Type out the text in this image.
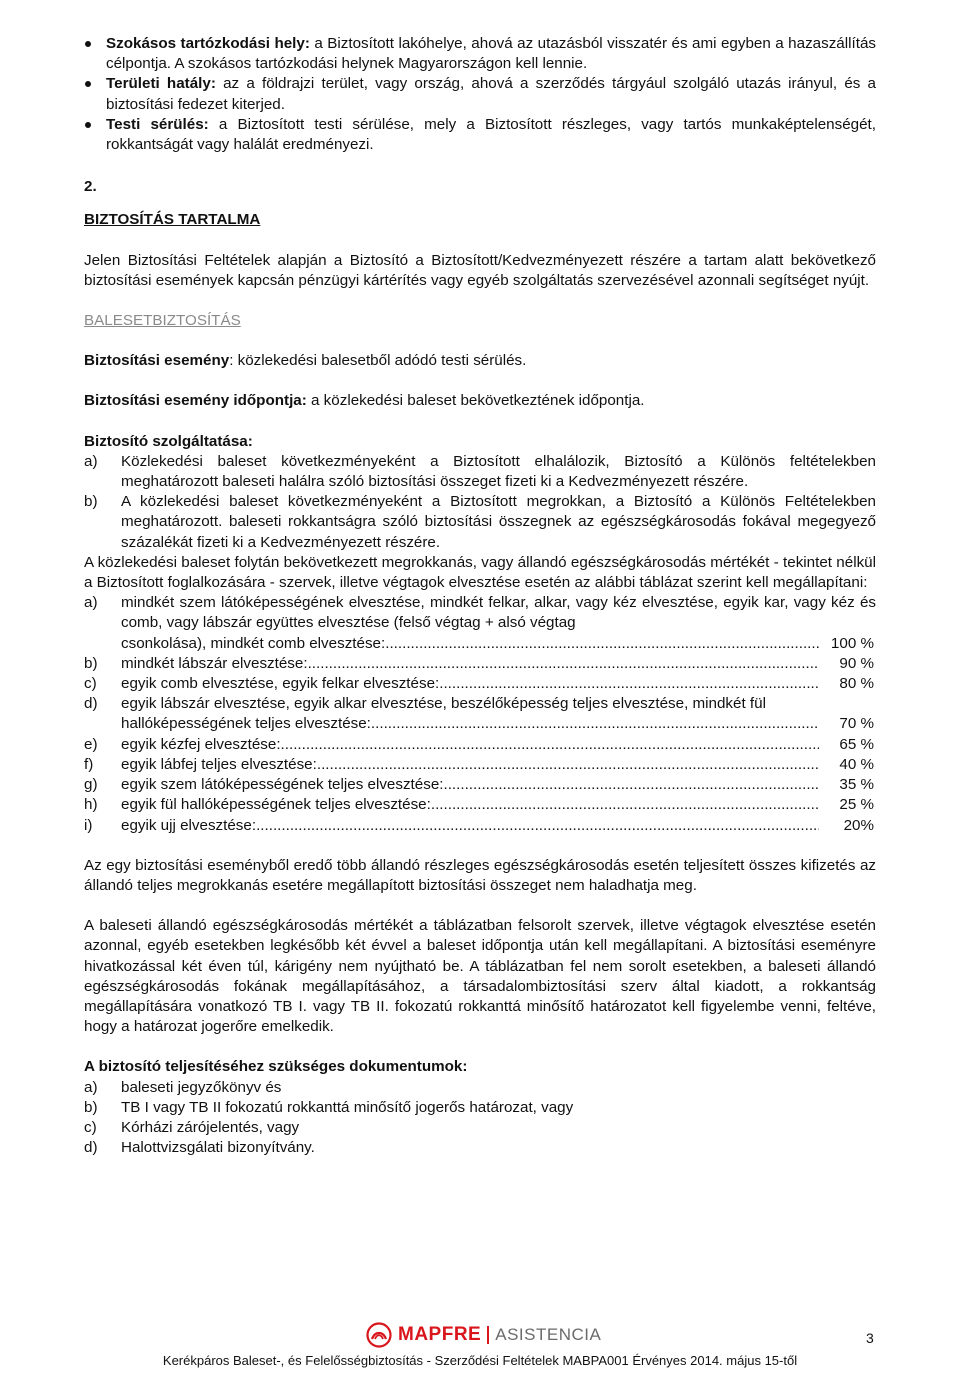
Szokásos tartózkodási hely: a Biztosított lakóhelye, ahová az utazásból visszatér és ami egyben a hazaszállítás célpontja. A szokásos tartózkodási helynek Magyarországon kell lennie.
Területi hatály: az a földrajzi terület, vagy ország, ahová a szerződés tárgyául szolgáló utazás irányul, és a biztosítási fedezet kiterjed.
Testi sérülés: a Biztosított testi sérülése, mely a Biztosított részleges, vagy tartós munkaképtelenségét, rokkantságát vagy halálát eredményezi.
2.
BIZTOSÍTÁS TARTALMA

Jelen Biztosítási Feltételek alapján a Biztosító a Biztosított/Kedvezményezett részére a tartam alatt bekövetkező biztosítási események kapcsán pénzügyi kártérítés vagy egyéb szolgáltatás szervezésével azonnali segítséget nyújt.

BALESETBIZTOSÍTÁS

Biztosítási esemény: közlekedési balesetből adódó testi sérülés.

Biztosítási esemény időpontja: a közlekedési baleset bekövetkeztének időpontja.

Biztosító szolgáltatása:
a)	Közlekedési baleset következményeként a Biztosított elhalálozik, Biztosító a Különös feltételekben meghatározott baleseti halálra szóló biztosítási összeget fizeti ki a Kedvezményezett részére.
b)	A közlekedési baleset következményeként a Biztosított megrokkan, a Biztosító a Különös Feltételekben meghatározott. baleseti rokkantságra szóló biztosítási összegnek az egészségkárosodás fokával megegyező százalékát fizeti ki a Kedvezményezett részére.

A közlekedési baleset folytán bekövetkezett megrokkanás, vagy állandó egészségkárosodás mértékét - tekintet nélkül a Biztosított foglalkozására - szervek, illetve végtagok elvesztése esetén az alábbi táblázat szerint kell megállapítani:

a)	mindkét szem látóképességének elvesztése, mindkét felkar, alkar, vagy kéz elvesztése, egyik kar, vagy kéz és comb, vagy lábszár együttes elvesztése (felső végtag + alsó végtag
csonkolása), mindkét comb elvesztése: .....	100 %
b)	mindkét lábszár elvesztése: .....	90 %
c)	egyik comb elvesztése, egyik felkar elvesztése: .....	80 %
d)	egyik lábszár elvesztése, egyik alkar elvesztése, beszélőképesség teljes elvesztése, mindkét fül
hallóképességének teljes elvesztése: .....	70 %
e)	egyik kézfej elvesztése: .....	65 %
f)	egyik lábfej teljes elvesztése: .....	40 %
g)	egyik szem látóképességének teljes elvesztése: .....	35 %
h)	egyik fül hallóképességének teljes elvesztése: .....	25 %
i)	egyik ujj elvesztése: .....	20%

Az egy biztosítási eseményből eredő több állandó részleges egészségkárosodás esetén teljesített összes kifizetés az állandó teljes megrokkanás esetére megállapított biztosítási összeget nem haladhatja meg.

A baleseti állandó egészségkárosodás mértékét a táblázatban felsorolt szervek, illetve végtagok elvesztése esetén azonnal, egyéb esetekben legkésőbb két évvel a baleset időpontja után kell megállapítani. A biztosítási eseményre hivatkozással két éven túl, kárigény nem nyújtható be. A táblázatban fel nem sorolt esetekben, a baleseti állandó egészségkárosodás fokának megállapításához, a társadalombiztosítási szerv által kiadott, a rokkantság megállapítására vonatkozó TB I. vagy TB II. fokozatú rokkanttá minősítő határozatot kell figyelembe venni, feltéve, hogy a határozat jogerőre emelkedik.

A biztosító teljesítéséhez szükséges dokumentumok:
a)	baleseti jegyzőkönyv és
b)	TB I vagy TB II fokozatú rokkanttá minősítő jogerős határozat, vagy
c)	Kórházi zárójelentés, vagy
d)	Halottvizsgálati bizonyítvány.
MAPFRE ASISTENCIA	3
Kerékpáros Baleset-, és Felelősségbiztosítás - Szerződési Feltételek MABPA001 Érvényes 2014. május 15-től
